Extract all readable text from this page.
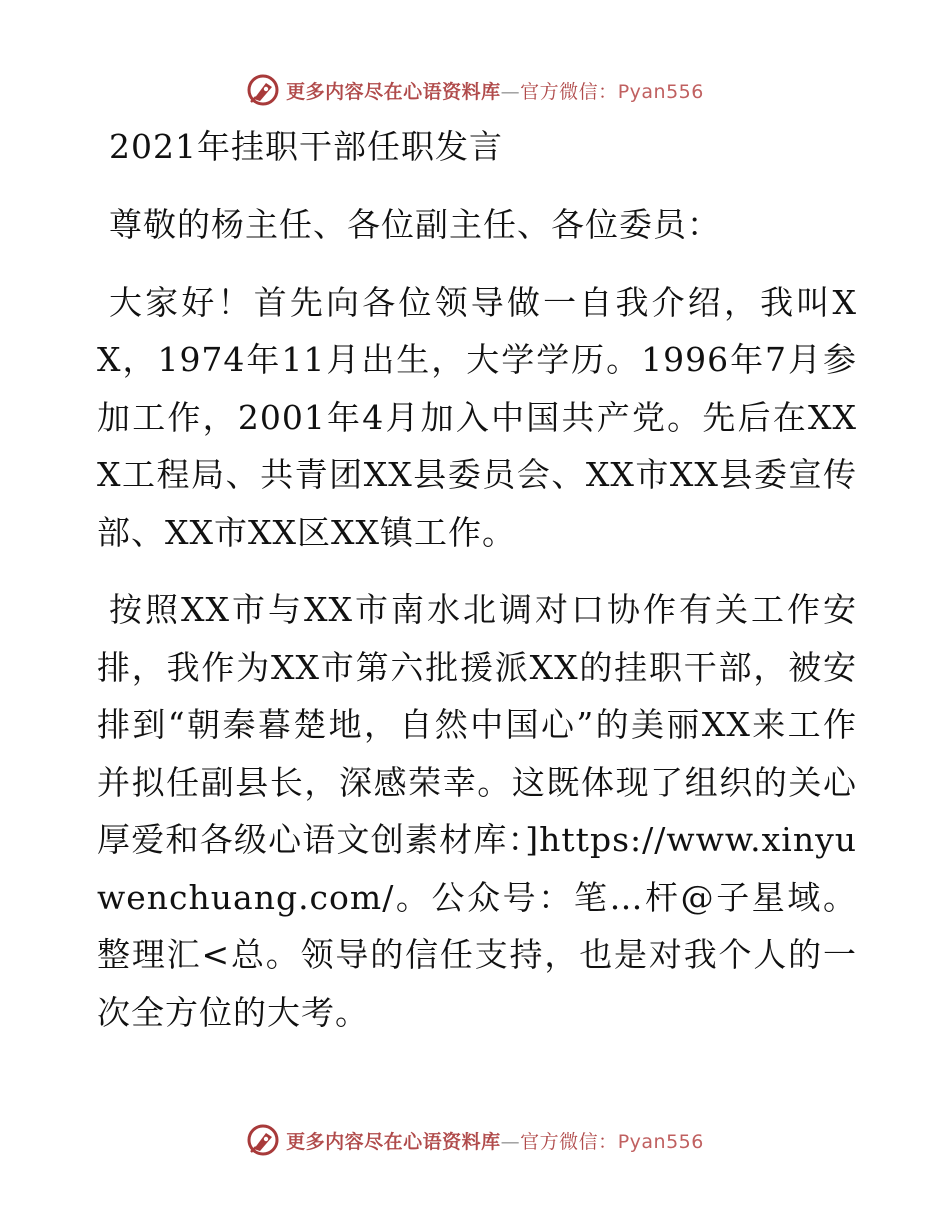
更多内容尽在心语资料库—官方微信：Pyan556
2021年挂职干部任职发言

尊敬的杨主任、各位副主任、各位委员：

大家好！首先向各位领导做一自我介绍，我叫XX，1974年11月出生，大学学历。1996年7月参加工作，2001年4月加入中国共产党。先后在XXX工程局、共青团XX县委员会、XX市XX县委宣传部、XX市XX区XX镇工作。

按照XX市与XX市南水北调对口协作有关工作安排，我作为XX市第六批援派XX的挂职干部，被安排到“朝秦暮楚地，自然中国心”的美丽XX来工作并拟任副县长，深感荣幸。这既体现了组织的关心厚爱和各级心语文创素材库：]https://www.xinyuwenchuang.com/。公众号：笔…杆@子星域。整理汇<总。领导的信任支持，也是对我个人的一次全方位的大考。

更多内容尽在心语资料库—官方微信：Pyan556
